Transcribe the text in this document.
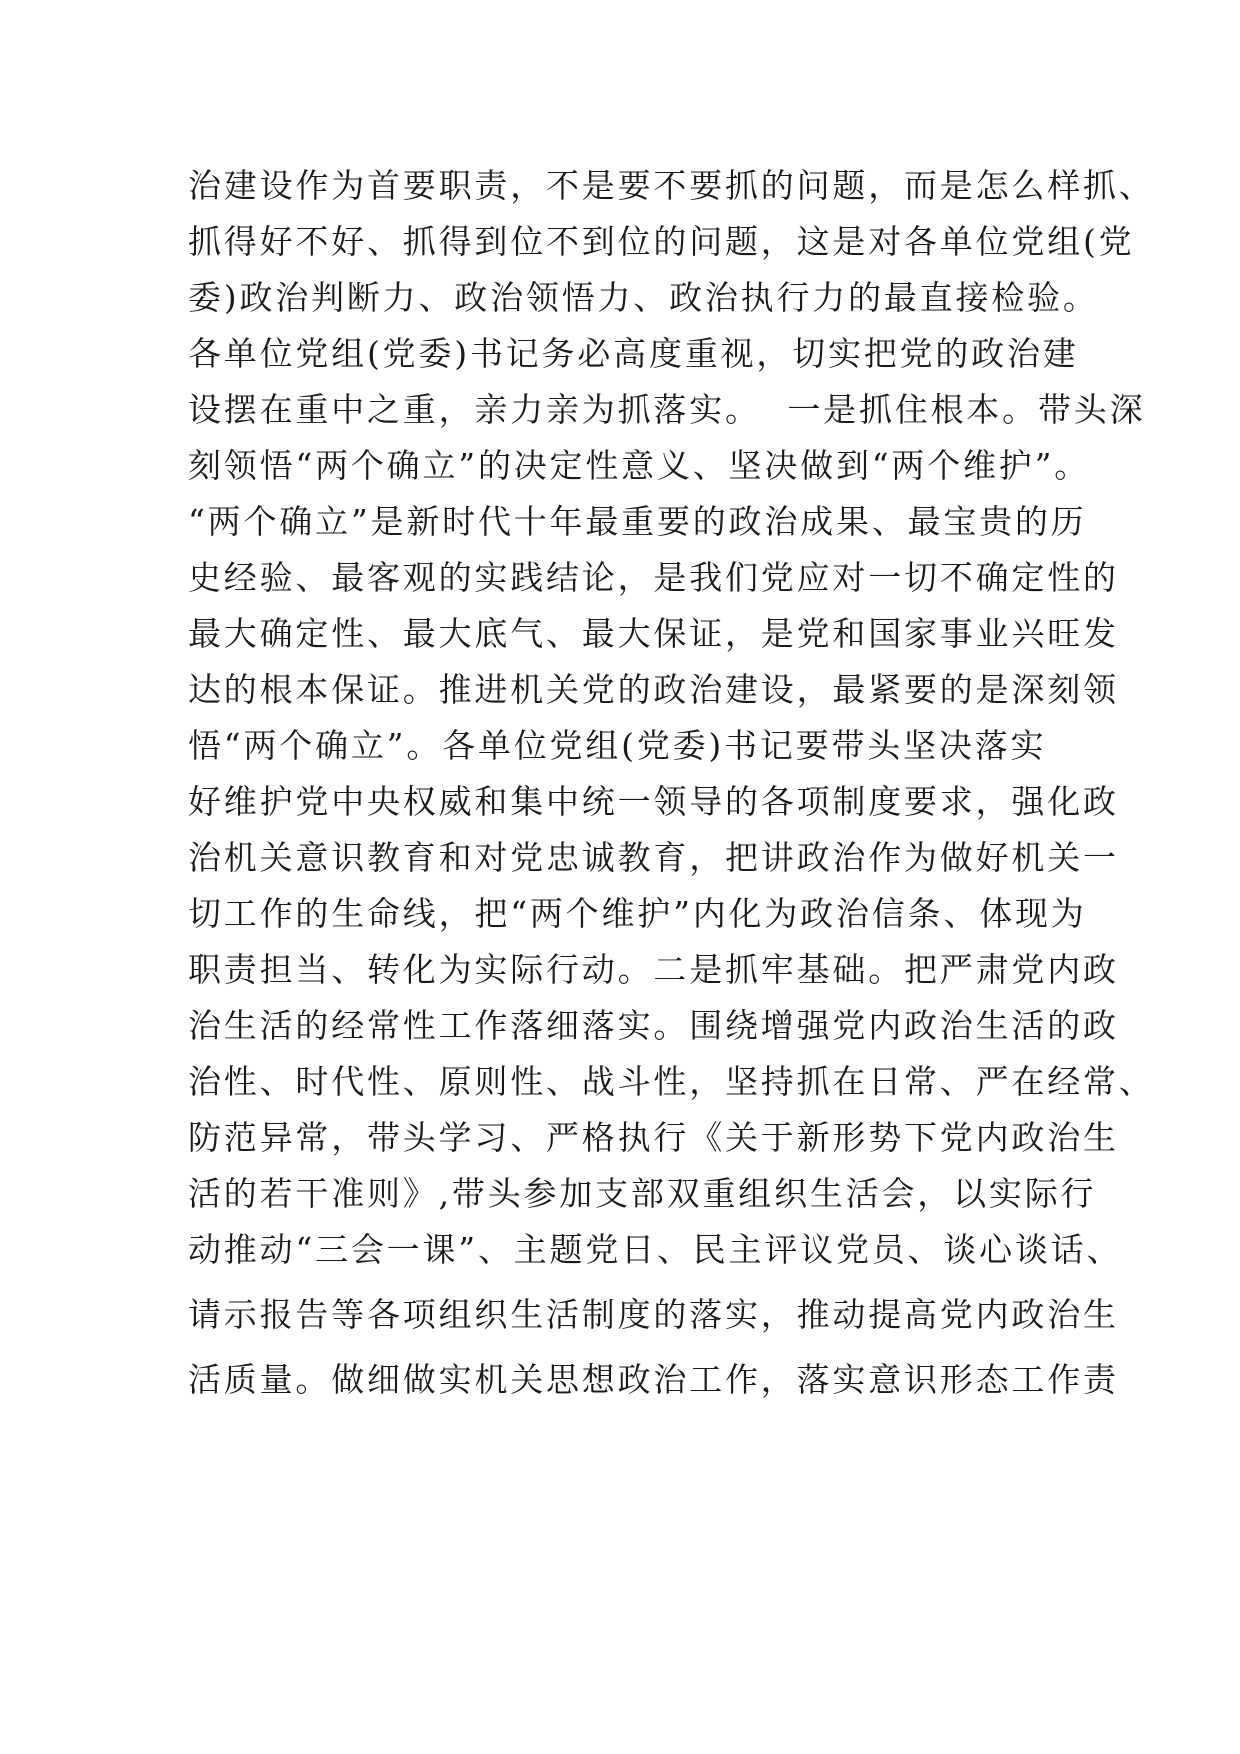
治建设作为首要职责，不是要不要抓的问题，而是怎么样抓、
抓得好不好、抓得到位不到位的问题，这是对各单位党组(党
委)政治判断力、政治领悟力、政治执行力的最直接检验。
各单位党组(党委)书记务必高度重视，切实把党的政治建
设摆在重中之重，亲力亲为抓落实。  一是抓住根本。带头深
刻领悟“两个确立”的决定性意义、坚决做到“两个维护”。
“两个确立”是新时代十年最重要的政治成果、最宝贵的历
史经验、最客观的实践结论，是我们党应对一切不确定性的
最大确定性、最大底气、最大保证，是党和国家事业兴旺发
达的根本保证。推进机关党的政治建设，最紧要的是深刻领
悟“两个确立”。各单位党组(党委)书记要带头坚决落实
好维护党中央权威和集中统一领导的各项制度要求，强化政
治机关意识教育和对党忠诚教育，把讲政治作为做好机关一
切工作的生命线，把“两个维护”内化为政治信条、体现为
职责担当、转化为实际行动。二是抓牢基础。把严肃党内政
治生活的经常性工作落细落实。围绕增强党内政治生活的政
治性、时代性、原则性、战斗性，坚持抓在日常、严在经常、
防范异常，带头学习、严格执行《关于新形势下党内政治生
活的若干准则》,带头参加支部双重组织生活会，以实际行
动推动“三会一课”、主题党日、民主评议党员、谈心谈话、
请示报告等各项组织生活制度的落实，推动提高党内政治生
活质量。做细做实机关思想政治工作，落实意识形态工作责
